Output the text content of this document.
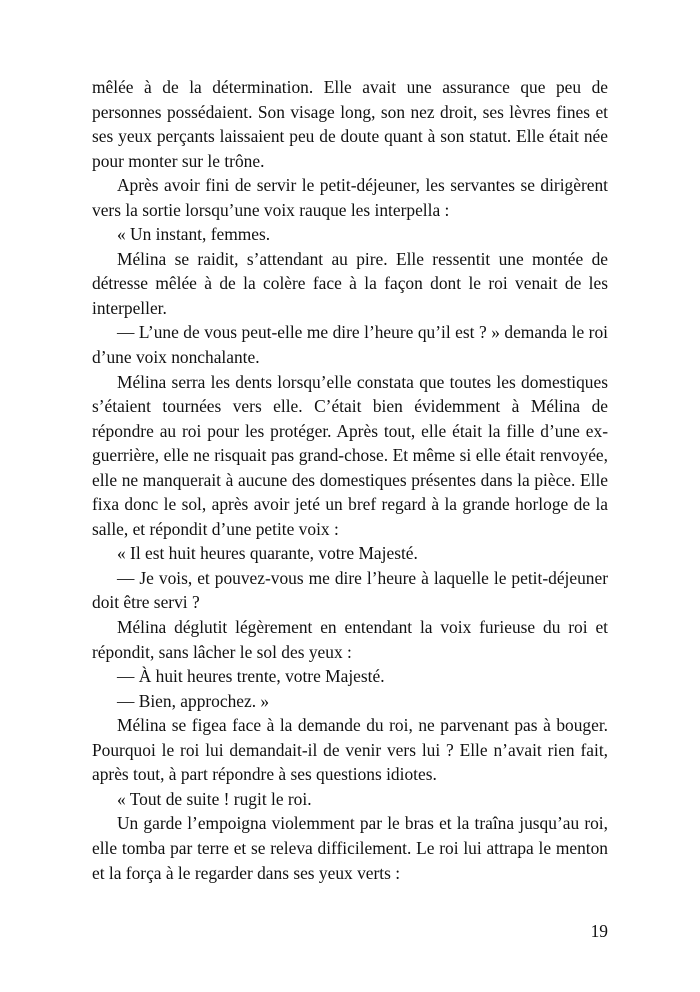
mêlée à de la détermination. Elle avait une assurance que peu de personnes possédaient. Son visage long, son nez droit, ses lèvres fines et ses yeux perçants laissaient peu de doute quant à son statut. Elle était née pour monter sur le trône.

Après avoir fini de servir le petit-déjeuner, les servantes se dirigèrent vers la sortie lorsqu’une voix rauque les interpella :

« Un instant, femmes.

Mélina se raidit, s’attendant au pire. Elle ressentit une montée de détresse mêlée à de la colère face à la façon dont le roi venait de les interpeller.

— L’une de vous peut-elle me dire l’heure qu’il est ? » demanda le roi d’une voix nonchalante.

Mélina serra les dents lorsqu’elle constata que toutes les domestiques s’étaient tournées vers elle. C’était bien évidemment à Mélina de répondre au roi pour les protéger. Après tout, elle était la fille d’une ex-guerrière, elle ne risquait pas grand-chose. Et même si elle était renvoyée, elle ne manquerait à aucune des domestiques présentes dans la pièce. Elle fixa donc le sol, après avoir jeté un bref regard à la grande horloge de la salle, et répondit d’une petite voix :

« Il est huit heures quarante, votre Majesté.

— Je vois, et pouvez-vous me dire l’heure à laquelle le petit-déjeuner doit être servi ?

Mélina déglutit légèrement en entendant la voix furieuse du roi et répondit, sans lâcher le sol des yeux :

— À huit heures trente, votre Majesté.

— Bien, approchez. »

Mélina se figea face à la demande du roi, ne parvenant pas à bouger. Pourquoi le roi lui demandait-il de venir vers lui ? Elle n’avait rien fait, après tout, à part répondre à ses questions idiotes.

« Tout de suite ! rugit le roi.

Un garde l’empoigna violemment par le bras et la traîna jusqu’au roi, elle tomba par terre et se releva difficilement. Le roi lui attrapa le menton et la força à le regarder dans ses yeux verts :

19
